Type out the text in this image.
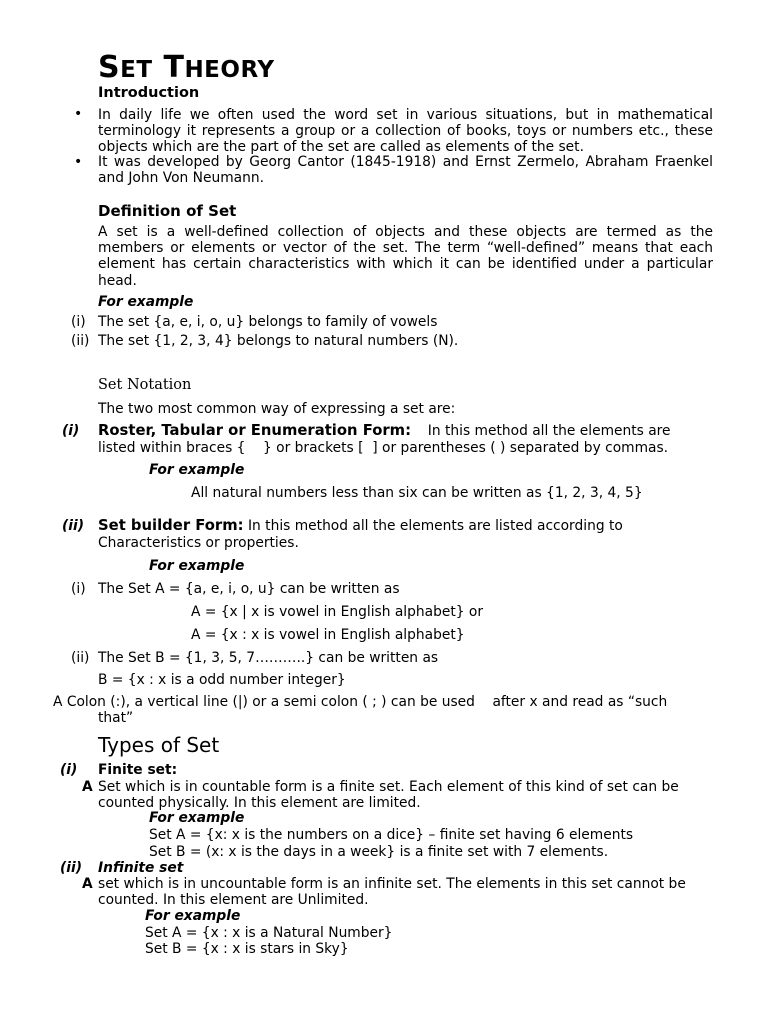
SET THEORY
Introduction
• In daily life we often used the word set in various situations, but in mathematical terminology it represents a group or a collection of books, toys or numbers etc., these objects which are the part of the set are called as elements of the set.
• It was developed by Georg Cantor (1845-1918) and Ernst Zermelo, Abraham Fraenkel and John Von Neumann.
Definition of Set
A set is a well-defined collection of objects and these objects are termed as the members or elements or vector of the set. The term “well-defined” means that each element has certain characteristics with which it can be identified under a particular head.
For example
(i) The set {a, e, i, o, u} belongs to family of vowels
(ii) The set {1, 2, 3, 4} belongs to natural numbers (N).
Set Notation
The two most common way of expressing a set are:
(i) Roster, Tabular or Enumeration Form: In this method all the elements are
listed within braces {    } or brackets [  ] or parentheses ( ) separated by commas.
For example
All natural numbers less than six can be written as {1, 2, 3, 4, 5}
(ii) Set builder Form: In this method all the elements are listed according to
Characteristics or properties.
For example
(i) The Set A = {a, e, i, o, u} can be written as
A = {x | x is vowel in English alphabet} or
A = {x : x is vowel in English alphabet}
(ii) The Set B = {1, 3, 5, 7………..} can be written as
B = {x : x is a odd number integer}
A Colon (:), a vertical line (|) or a semi colon ( ; ) can be used    after x and read as “such
that”
Types of Set
(i) Finite set:
A Set which is in countable form is a finite set. Each element of this kind of set can be
counted physically. In this element are limited.
For example
Set A = {x: x is the numbers on a dice} – finite set having 6 elements
Set B = (x: x is the days in a week} is a finite set with 7 elements.
(ii) Infinite set
A set which is in uncountable form is an infinite set. The elements in this set cannot be
counted. In this element are Unlimited.
For example
Set A = {x : x is a Natural Number}
Set B = {x : x is stars in Sky}
